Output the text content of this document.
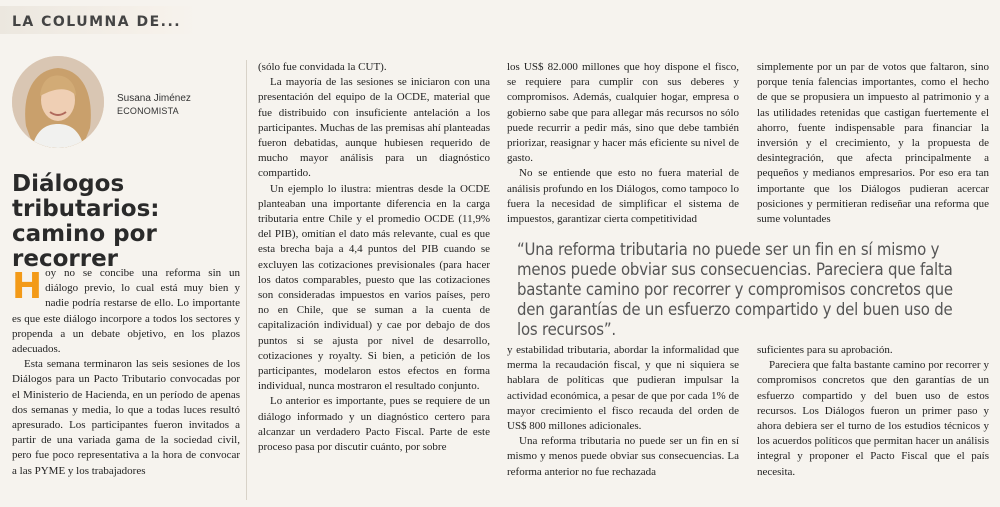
LA COLUMNA DE...
Susana Jiménez
ECONOMISTA
Diálogos tributarios: camino por recorrer

Hoy no se concibe una reforma sin un diálogo previo, lo cual está muy bien y nadie podría restarse de ello. Lo importante es que este diálogo incorpore a todos los sectores y propenda a un debate objetivo, en los plazos adecuados.

Esta semana terminaron las seis sesiones de los Diálogos para un Pacto Tributario convocadas por el Ministerio de Hacienda, en un período de apenas dos semanas y media, lo que a todas luces resultó apresurado. Los participantes fueron invitados a partir de una variada gama de la sociedad civil, pero fue poco representativa a la hora de convocar a las PYME y los trabajadores

(sólo fue convidada la CUT).

La mayoría de las sesiones se iniciaron con una presentación del equipo de la OCDE, material que fue distribuido con insuficiente antelación a los participantes. Muchas de las premisas ahí planteadas fueron debatidas, aunque hubiesen requerido de mucho mayor análisis para un diagnóstico compartido.

Un ejemplo lo ilustra: mientras desde la OCDE planteaban una importante diferencia en la carga tributaria entre Chile y el promedio OCDE (11,9% del PIB), omitían el dato más relevante, cual es que esta brecha baja a 4,4 puntos del PIB cuando se excluyen las cotizaciones previsionales (para hacer los datos comparables, puesto que las cotizaciones son consideradas impuestos en varios países, pero no en Chile, que se suman a la cuenta de capitalización individual) y cae por debajo de dos puntos si se ajusta por nivel de desarrollo, cotizaciones y royalty. Si bien, a petición de los participantes, modelaron estos efectos en forma individual, nunca mostraron el resultado conjunto.

Lo anterior es importante, pues se requiere de un diálogo informado y un diagnóstico certero para alcanzar un verdadero Pacto Fiscal. Parte de este proceso pasa por discutir cuánto, por sobre

los US$ 82.000 millones que hoy dispone el fisco, se requiere para cumplir con sus deberes y compromisos. Además, cualquier hogar, empresa o gobierno sabe que para allegar más recursos no sólo puede recurrir a pedir más, sino que debe también priorizar, reasignar y hacer más eficiente su nivel de gasto.

No se entiende que esto no fuera material de análisis profundo en los Diálogos, como tampoco lo fuera la necesidad de simplificar el sistema de impuestos, garantizar cierta competitividad

simplemente por un par de votos que faltaron, sino porque tenía falencias importantes, como el hecho de que se propusiera un impuesto al patrimonio y a las utilidades retenidas que castigan fuertemente el ahorro, fuente indispensable para financiar la inversión y el crecimiento, y la propuesta de desintegración, que afecta principalmente a pequeños y medianos empresarios. Por eso era tan importante que los Diálogos pudieran acercar posiciones y permitieran rediseñar una reforma que sume voluntades

“Una reforma tributaria no puede ser un fin en sí mismo y menos puede obviar sus consecuencias. Pareciera que falta bastante camino por recorrer y compromisos concretos que den garantías de un esfuerzo compartido y del buen uso de los recursos”.

y estabilidad tributaria, abordar la informalidad que merma la recaudación fiscal, y que ni siquiera se hablara de políticas que pudieran impulsar la actividad económica, a pesar de que por cada 1% de mayor crecimiento el fisco recauda del orden de US$ 800 millones adicionales.

Una reforma tributaria no puede ser un fin en sí mismo y menos puede obviar sus consecuencias. La reforma anterior no fue rechazada

suficientes para su aprobación.

Pareciera que falta bastante camino por recorrer y compromisos concretos que den garantías de un esfuerzo compartido y del buen uso de estos recursos. Los Diálogos fueron un primer paso y ahora debiera ser el turno de los estudios técnicos y los acuerdos políticos que permitan hacer un análisis integral y proponer el Pacto Fiscal que el país necesita.
